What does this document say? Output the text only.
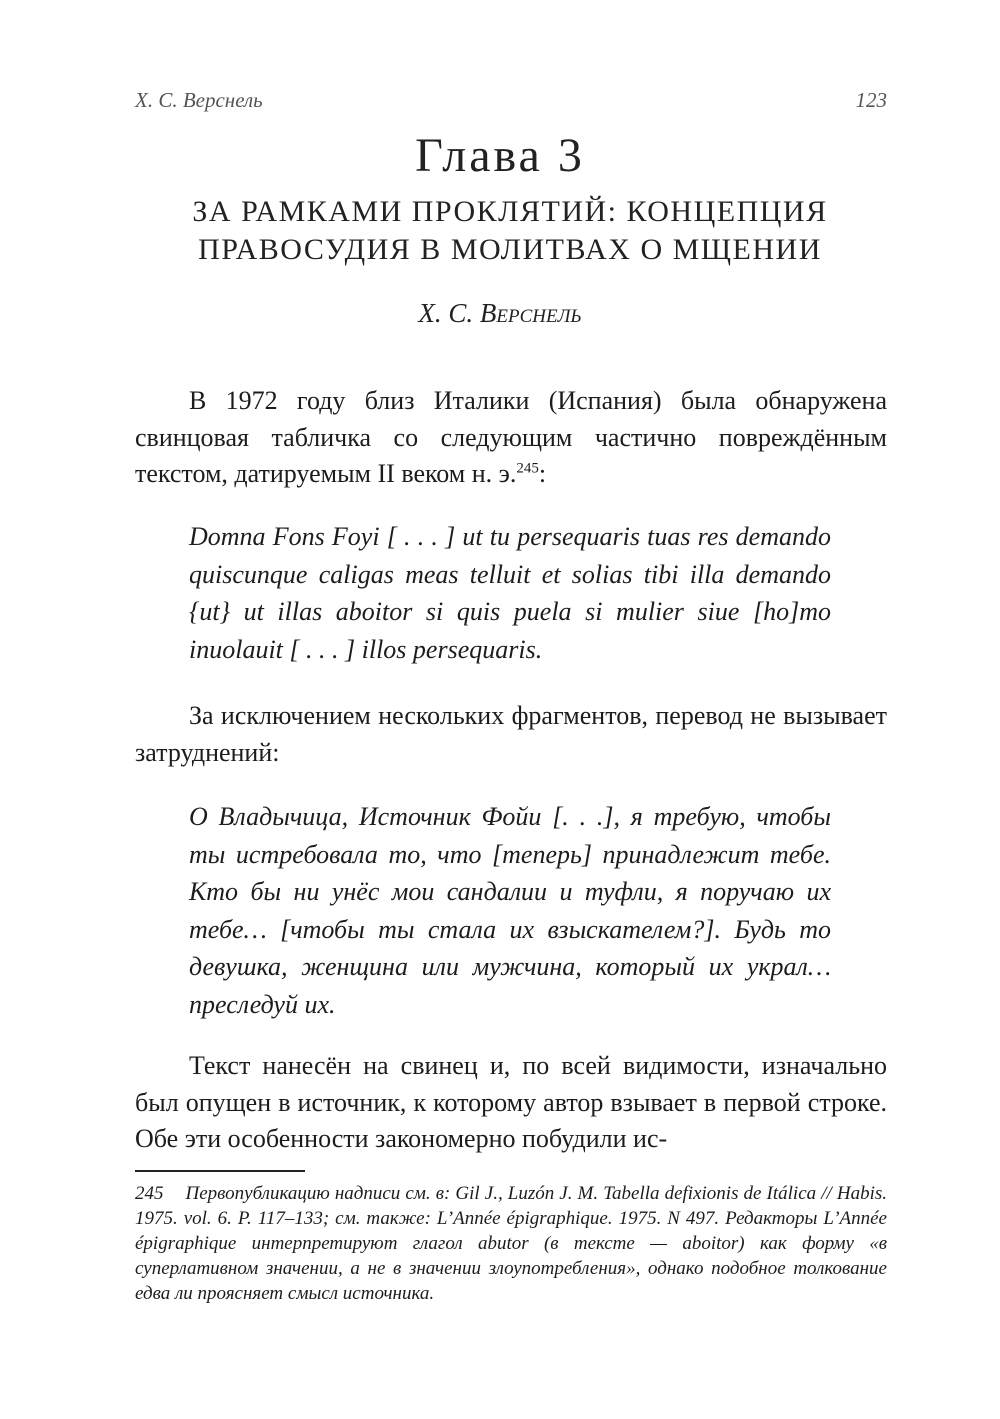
Х. С. Верснель	123
Глава 3
ЗА РАМКАМИ ПРОКЛЯТИЙ: КОНЦЕПЦИЯ
ПРАВОСУДИЯ В МОЛИТВАХ О МЩЕНИИ
Х. С. Верснель
В 1972 году близ Италики (Испания) была обнаружена свинцовая табличка со следующим частично повреждённым текстом, датируемым II веком н. э.$^{245}$:
Domna Fons Foyi [ . . . ] ut tu persequaris tuas res demando quiscunque caligas meas telluit et solias tibi illa demando {ut} ut illas aboitor si quis puela si mulier siue [ho]mo inuolauit [ . . . ] illos persequaris.
За исключением нескольких фрагментов, перевод не вызывает затруднений:
О Владычица, Источник Фойи [. . .], я требую, чтобы ты истребовала то, что [теперь] принадлежит тебе. Кто бы ни унёс мои сандалии и туфли, я поручаю их тебе… [чтобы ты стала их взыскателем?]. Будь то девушка, женщина или мужчина, который их украл… преследуй их.
Текст нанесён на свинец и, по всей видимости, изначально был опущен в источник, к которому автор взывает в первой строке. Обе эти особенности закономерно побудили ис-
245 Первопубликацию надписи см. в: Gil J., Luzón J. M. Tabella defixionis de Itálica // Habis. 1975. vol. 6. P. 117–133; см. также: L’Année épigraphique. 1975. N 497. Редакторы L’Année épigraphique интерпретируют глагол abutor (в тексте — aboitor) как форму «в суперлативном значении, а не в значении злоупотребления», однако подобное толкование едва ли проясняет смысл источника.
